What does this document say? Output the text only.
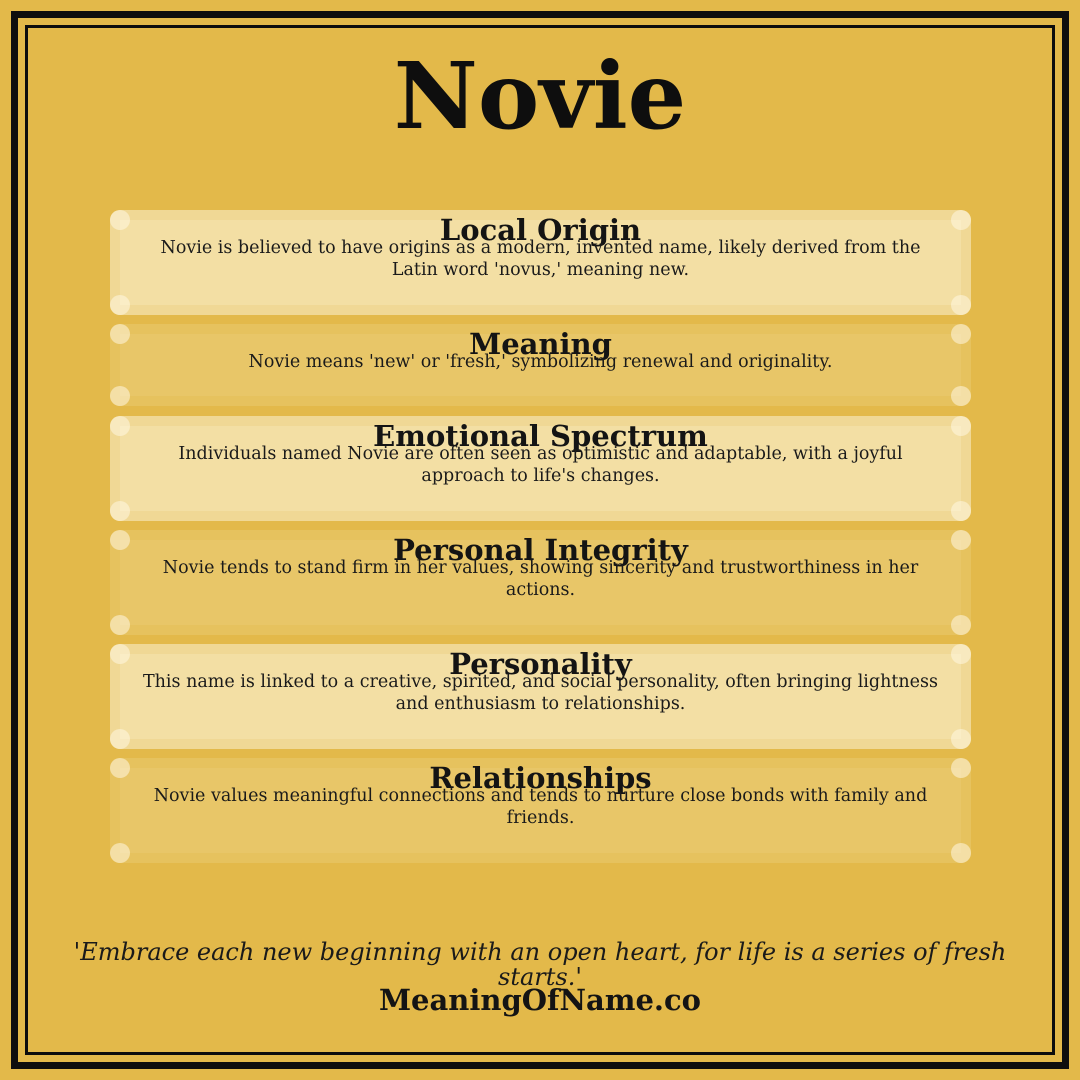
Novie
Local Origin
Novie is believed to have origins as a modern, invented name, likely derived from the Latin word 'novus,' meaning new.
Meaning
Novie means 'new' or 'fresh,' symbolizing renewal and originality.
Emotional Spectrum
Individuals named Novie are often seen as optimistic and adaptable, with a joyful approach to life's changes.
Personal Integrity
Novie tends to stand firm in her values, showing sincerity and trustworthiness in her actions.
Personality
This name is linked to a creative, spirited, and social personality, often bringing lightness and enthusiasm to relationships.
Relationships
Novie values meaningful connections and tends to nurture close bonds with family and friends.

'Embrace each new beginning with an open heart, for life is a series of fresh starts.'

MeaningOfName.co
